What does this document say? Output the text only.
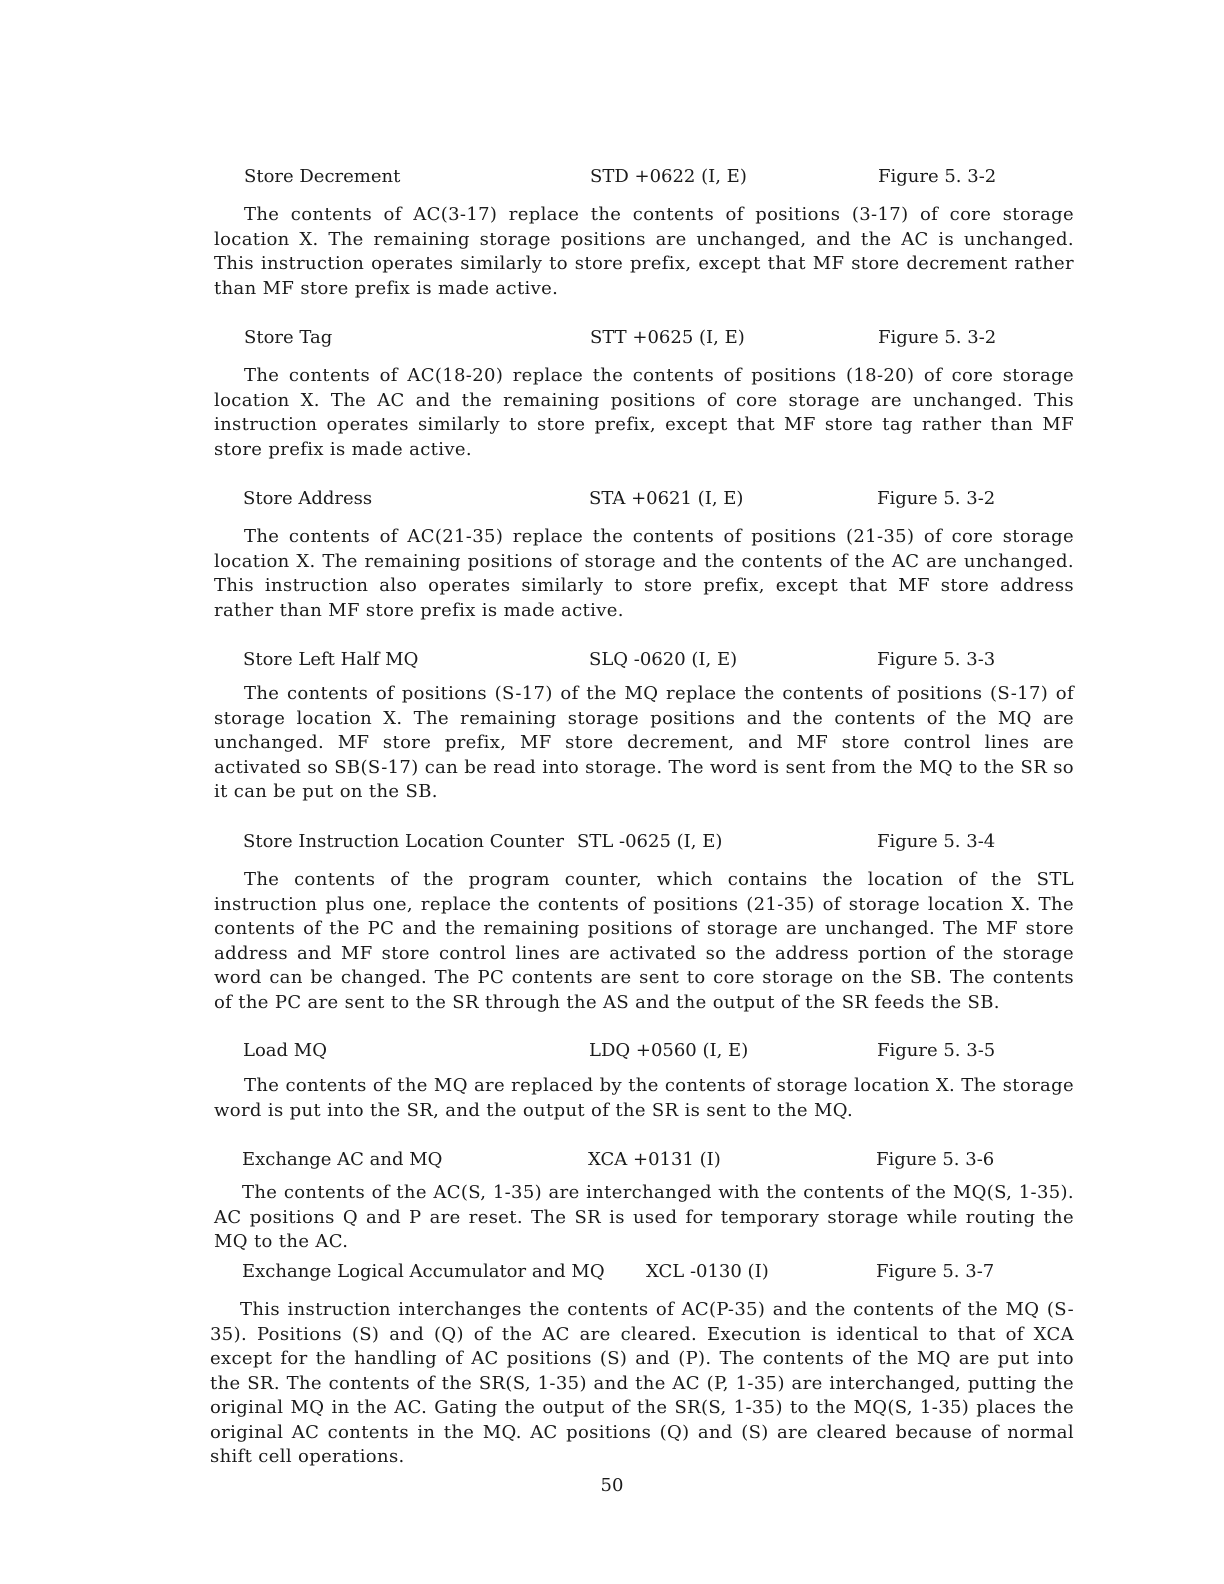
Store Decrement	STD +0622 (I, E)	Figure 5. 3-2

The contents of AC(3-17) replace the contents of positions (3-17) of core storage location X. The remaining storage positions are unchanged, and the AC is unchanged. This instruction operates similarly to store prefix, except that MF store decrement rather than MF store prefix is made active.

Store Tag	STT +0625 (I, E)	Figure 5. 3-2

The contents of AC(18-20) replace the contents of positions (18-20) of core storage location X. The AC and the remaining positions of core storage are unchanged. This instruction operates similarly to store prefix, except that MF store tag rather than MF store prefix is made active.

Store Address	STA +0621 (I, E)	Figure 5. 3-2

The contents of AC(21-35) replace the contents of positions (21-35) of core storage location X. The remaining positions of storage and the contents of the AC are unchanged. This instruction also operates similarly to store prefix, except that MF store address rather than MF store prefix is made active.

Store Left Half MQ	SLQ -0620 (I, E)	Figure 5. 3-3

The contents of positions (S-17) of the MQ replace the contents of positions (S-17) of storage location X. The remaining storage positions and the contents of the MQ are unchanged. MF store prefix, MF store decrement, and MF store control lines are activated so SB(S-17) can be read into storage. The word is sent from the MQ to the SR so it can be put on the SB.

Store Instruction Location Counter STL -0625 (I, E)	Figure 5. 3-4

The contents of the program counter, which contains the location of the STL instruction plus one, replace the contents of positions (21-35) of storage location X. The contents of the PC and the remaining positions of storage are unchanged. The MF store address and MF store control lines are activated so the address portion of the storage word can be changed. The PC contents are sent to core storage on the SB. The contents of the PC are sent to the SR through the AS and the output of the SR feeds the SB.

Load MQ	LDQ +0560 (I, E)	Figure 5. 3-5

The contents of the MQ are replaced by the contents of storage location X. The storage word is put into the SR, and the output of the SR is sent to the MQ.

Exchange AC and MQ	XCA +0131 (I)	Figure 5. 3-6

The contents of the AC(S, 1-35) are interchanged with the contents of the MQ(S, 1-35). AC positions Q and P are reset. The SR is used for temporary storage while routing the MQ to the AC.

Exchange Logical Accumulator and MQ XCL -0130 (I)	Figure 5. 3-7

This instruction interchanges the contents of AC(P-35) and the contents of the MQ (S-35). Positions (S) and (Q) of the AC are cleared. Execution is identical to that of XCA except for the handling of AC positions (S) and (P). The contents of the MQ are put into the SR. The contents of the SR(S, 1-35) and the AC (P, 1-35) are interchanged, putting the original MQ in the AC. Gating the output of the SR(S, 1-35) to the MQ(S, 1-35) places the original AC contents in the MQ. AC positions (Q) and (S) are cleared because of normal shift cell operations.

50
